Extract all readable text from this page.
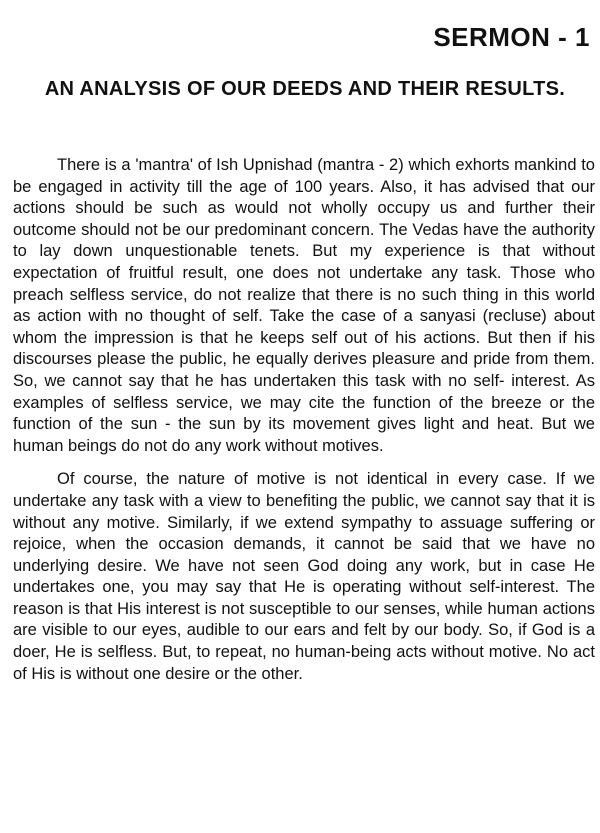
SERMON - 1
AN ANALYSIS OF OUR DEEDS AND THEIR RESULTS.

There is a 'mantra' of Ish Upnishad (mantra - 2) which exhorts mankind to be engaged in activity till the age of 100 years. Also, it has advised that our actions should be such as would not wholly occupy us and further their outcome should not be our predominant concern. The Vedas have the authority to lay down unquestionable tenets. But my experience is that without expectation of fruitful result, one does not undertake any task. Those who preach selfless service, do not realize that there is no such thing in this world as action with no thought of self. Take the case of a sanyasi (recluse) about whom the impression is that he keeps self out of his actions. But then if his discourses please the public, he equally derives pleasure and pride from them. So, we cannot say that he has undertaken this task with no self- interest. As examples of selfless service, we may cite the function of the breeze or the function of the sun - the sun by its movement gives light and heat. But we human beings do not do any work without motives.

Of course, the nature of motive is not identical in every case. If we undertake any task with a view to benefiting the public, we cannot say that it is without any motive. Similarly, if we extend sympathy to assuage suffering or rejoice, when the occasion demands, it cannot be said that we have no underlying desire. We have not seen God doing any work, but in case He undertakes one, you may say that He is operating without self-interest. The reason is that His interest is not susceptible to our senses, while human actions are visible to our eyes, audible to our ears and felt by our body. So, if God is a doer, He is selfless. But, to repeat, no human-being acts without motive. No act of His is without one desire or the other.
